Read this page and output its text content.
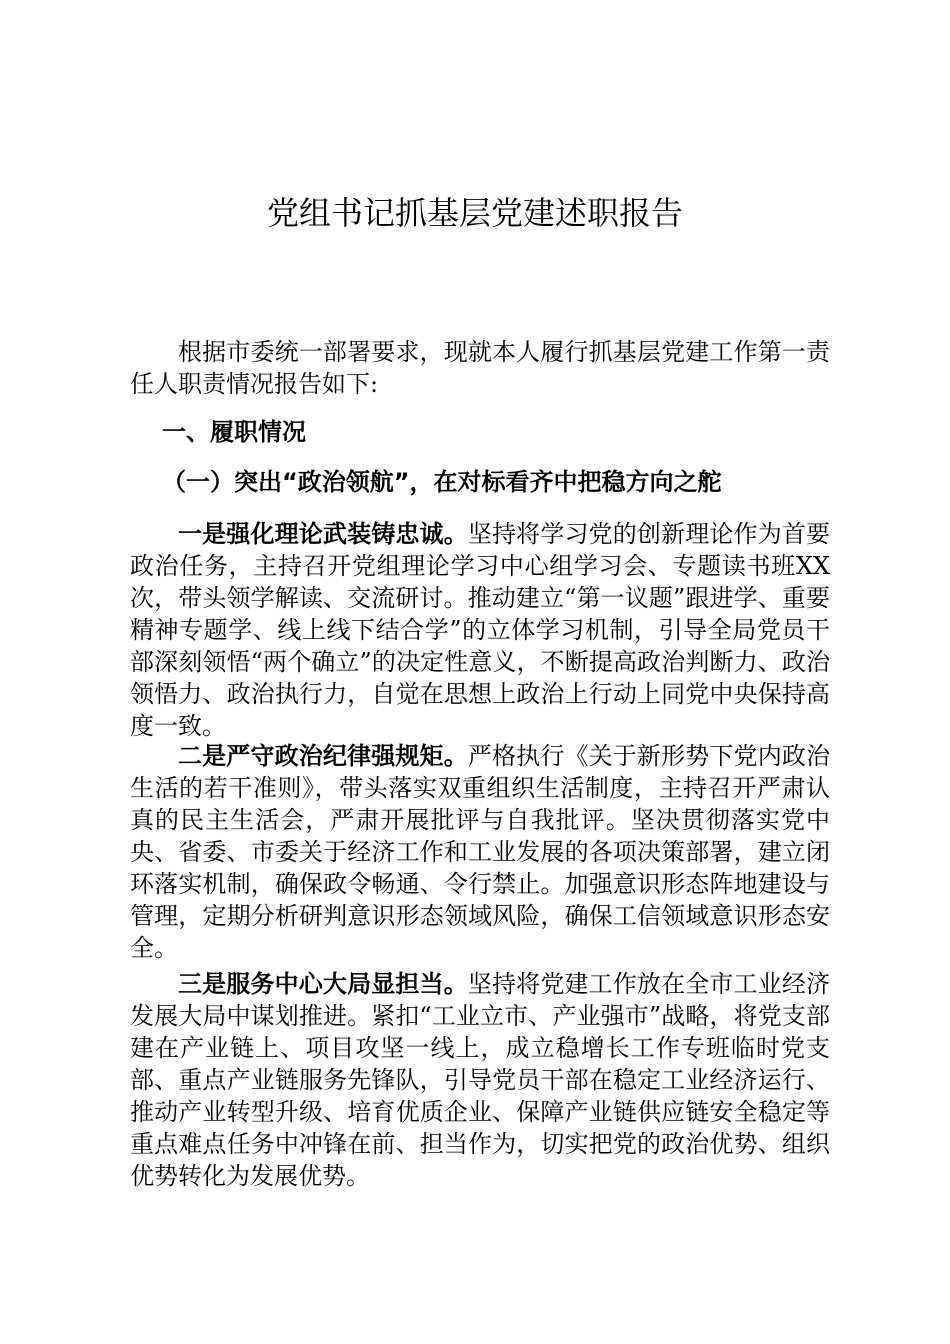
党组书记抓基层党建述职报告

根据市委统一部署要求，现就本人履行抓基层党建工作第一责任人职责情况报告如下:

一、履职情况

（一）突出“政治领航”，在对标看齐中把稳方向之舵

一是强化理论武装铸忠诚。坚持将学习党的创新理论作为首要政治任务，主持召开党组理论学习中心组学习会、专题读书班XX次，带头领学解读、交流研讨。推动建立“第一议题”跟进学、重要精神专题学、线上线下结合学”的立体学习机制，引导全局党员干部深刻领悟“两个确立”的决定性意义，不断提高政治判断力、政治领悟力、政治执行力，自觉在思想上政治上行动上同党中央保持高度一致。

二是严守政治纪律强规矩。严格执行《关于新形势下党内政治生活的若干准则》，带头落实双重组织生活制度，主持召开严肃认真的民主生活会，严肃开展批评与自我批评。坚决贯彻落实党中央、省委、市委关于经济工作和工业发展的各项决策部署，建立闭环落实机制，确保政令畅通、令行禁止。加强意识形态阵地建设与管理，定期分析研判意识形态领域风险，确保工信领域意识形态安全。

三是服务中心大局显担当。坚持将党建工作放在全市工业经济发展大局中谋划推进。紧扣“工业立市、产业强市”战略，将党支部建在产业链上、项目攻坚一线上，成立稳增长工作专班临时党支部、重点产业链服务先锋队，引导党员干部在稳定工业经济运行、推动产业转型升级、培育优质企业、保障产业链供应链安全稳定等重点难点任务中冲锋在前、担当作为，切实把党的政治优势、组织优势转化为发展优势。
